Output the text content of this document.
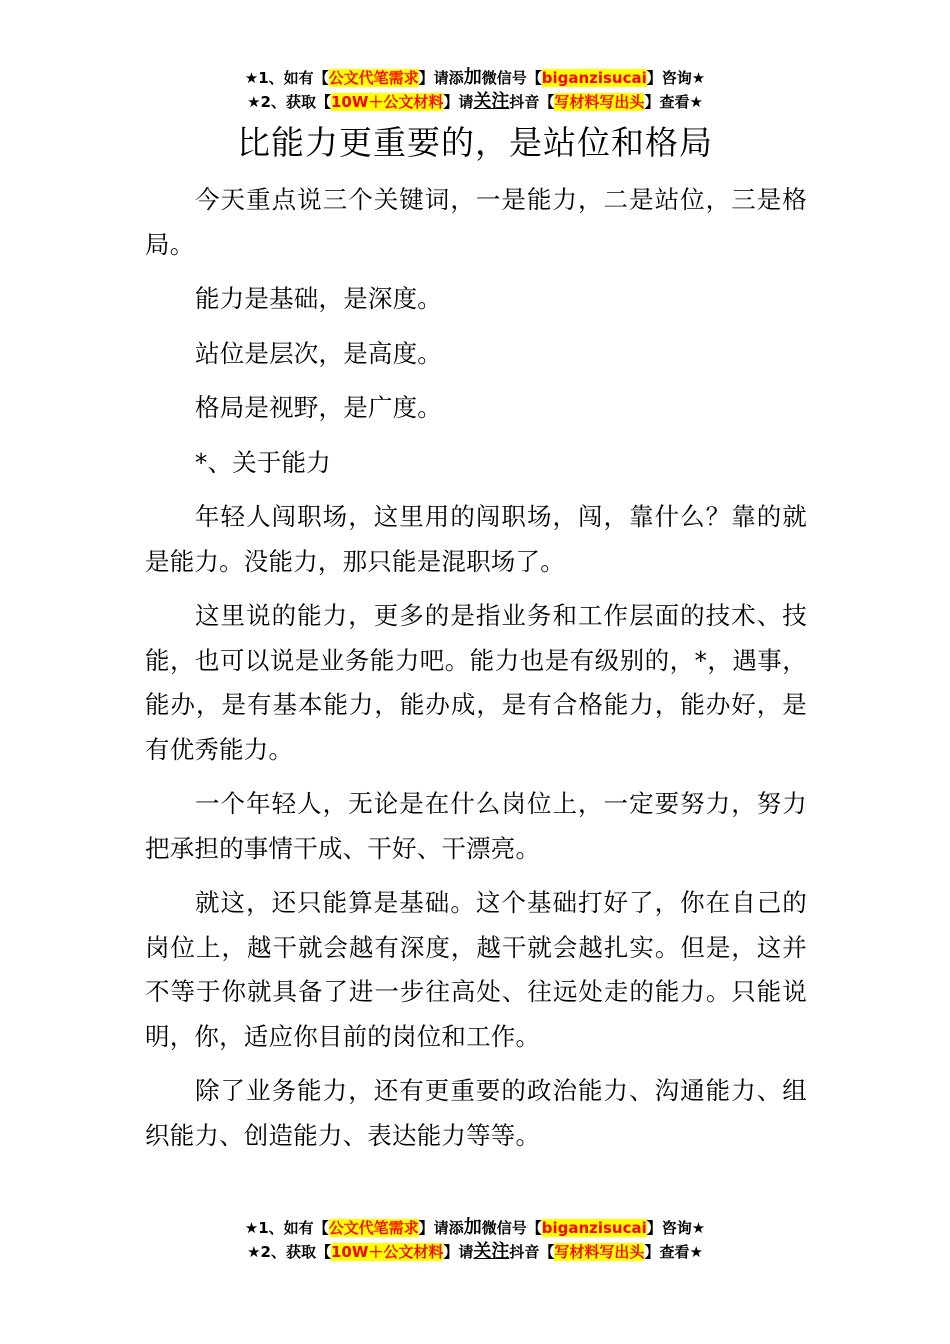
★1、如有【公文代笔需求】请添加微信号【biganzisucai】咨询★
★2、获取【10W＋公文材料】请关注抖音【写材料写出头】查看★
比能力更重要的，是站位和格局

今天重点说三个关键词，一是能力，二是站位，三是格局。

能力是基础，是深度。

站位是层次，是高度。

格局是视野，是广度。

*、关于能力

年轻人闯职场，这里用的闯职场，闯，靠什么？靠的就是能力。没能力，那只能是混职场了。

这里说的能力，更多的是指业务和工作层面的技术、技能，也可以说是业务能力吧。能力也是有级别的，*，遇事，能办，是有基本能力，能办成，是有合格能力，能办好，是有优秀能力。

一个年轻人，无论是在什么岗位上，一定要努力，努力把承担的事情干成、干好、干漂亮。

就这，还只能算是基础。这个基础打好了，你在自己的岗位上，越干就会越有深度，越干就会越扎实。但是，这并不等于你就具备了进一步往高处、往远处走的能力。只能说明，你，适应你目前的岗位和工作。

除了业务能力，还有更重要的政治能力、沟通能力、组织能力、创造能力、表达能力等等。

★1、如有【公文代笔需求】请添加微信号【biganzisucai】咨询★
★2、获取【10W＋公文材料】请关注抖音【写材料写出头】查看★
